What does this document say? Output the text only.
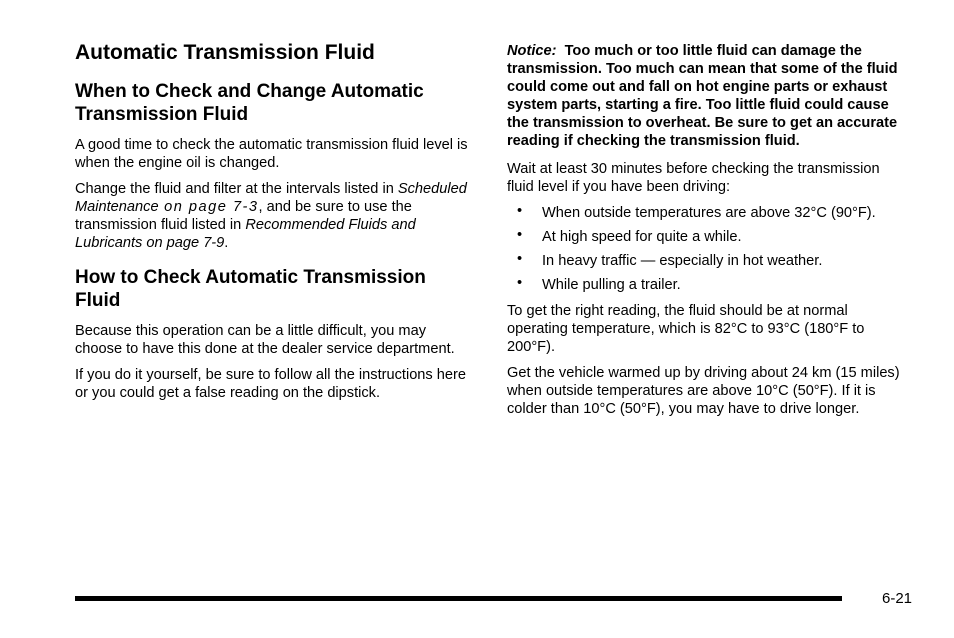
Automatic Transmission Fluid
When to Check and Change Automatic Transmission Fluid

A good time to check the automatic transmission fluid level is when the engine oil is changed.

Change the fluid and filter at the intervals listed in Scheduled Maintenance on page 7-3, and be sure to use the transmission fluid listed in Recommended Fluids and Lubricants on page 7-9.

How to Check Automatic Transmission Fluid

Because this operation can be a little difficult, you may choose to have this done at the dealer service department.

If you do it yourself, be sure to follow all the instructions here or you could get a false reading on the dipstick.

Notice: Too much or too little fluid can damage the transmission. Too much can mean that some of the fluid could come out and fall on hot engine parts or exhaust system parts, starting a fire. Too little fluid could cause the transmission to overheat. Be sure to get an accurate reading if checking the transmission fluid.

Wait at least 30 minutes before checking the transmission fluid level if you have been driving:

• When outside temperatures are above 32°C (90°F).
• At high speed for quite a while.
• In heavy traffic — especially in hot weather.
• While pulling a trailer.

To get the right reading, the fluid should be at normal operating temperature, which is 82°C to 93°C (180°F to 200°F).

Get the vehicle warmed up by driving about 24 km (15 miles) when outside temperatures are above 10°C (50°F). If it is colder than 10°C (50°F), you may have to drive longer.

6-21
